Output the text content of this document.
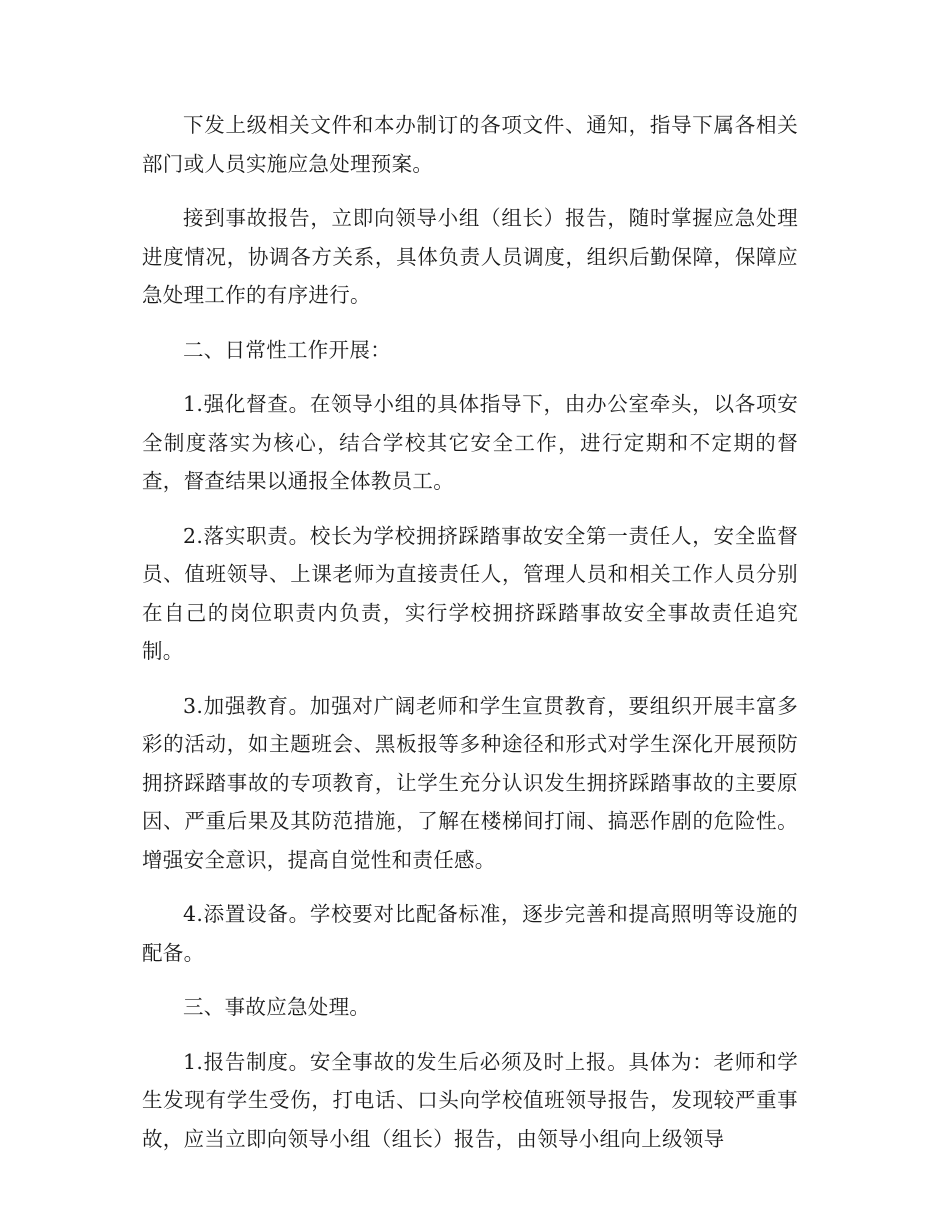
下发上级相关文件和本办制订的各项文件、通知，指导下属各相关部门或人员实施应急处理预案。

接到事故报告，立即向领导小组（组长）报告，随时掌握应急处理进度情况，协调各方关系，具体负责人员调度，组织后勤保障，保障应急处理工作的有序进行。

二、日常性工作开展：

1.强化督查。在领导小组的具体指导下，由办公室牵头，以各项安全制度落实为核心，结合学校其它安全工作，进行定期和不定期的督查，督查结果以通报全体教员工。

2.落实职责。校长为学校拥挤踩踏事故安全第一责任人，安全监督员、值班领导、上课老师为直接责任人，管理人员和相关工作人员分别在自己的岗位职责内负责，实行学校拥挤踩踏事故安全事故责任追究制。

3.加强教育。加强对广阔老师和学生宣贯教育，要组织开展丰富多彩的活动，如主题班会、黑板报等多种途径和形式对学生深化开展预防拥挤踩踏事故的专项教育，让学生充分认识发生拥挤踩踏事故的主要原因、严重后果及其防范措施，了解在楼梯间打闹、搞恶作剧的危险性。增强安全意识，提高自觉性和责任感。

4.添置设备。学校要对比配备标准，逐步完善和提高照明等设施的配备。

三、事故应急处理。

1.报告制度。安全事故的发生后必须及时上报。具体为：老师和学生发现有学生受伤，打电话、口头向学校值班领导报告，发现较严重事故，应当立即向领导小组（组长）报告，由领导小组向上级领导
